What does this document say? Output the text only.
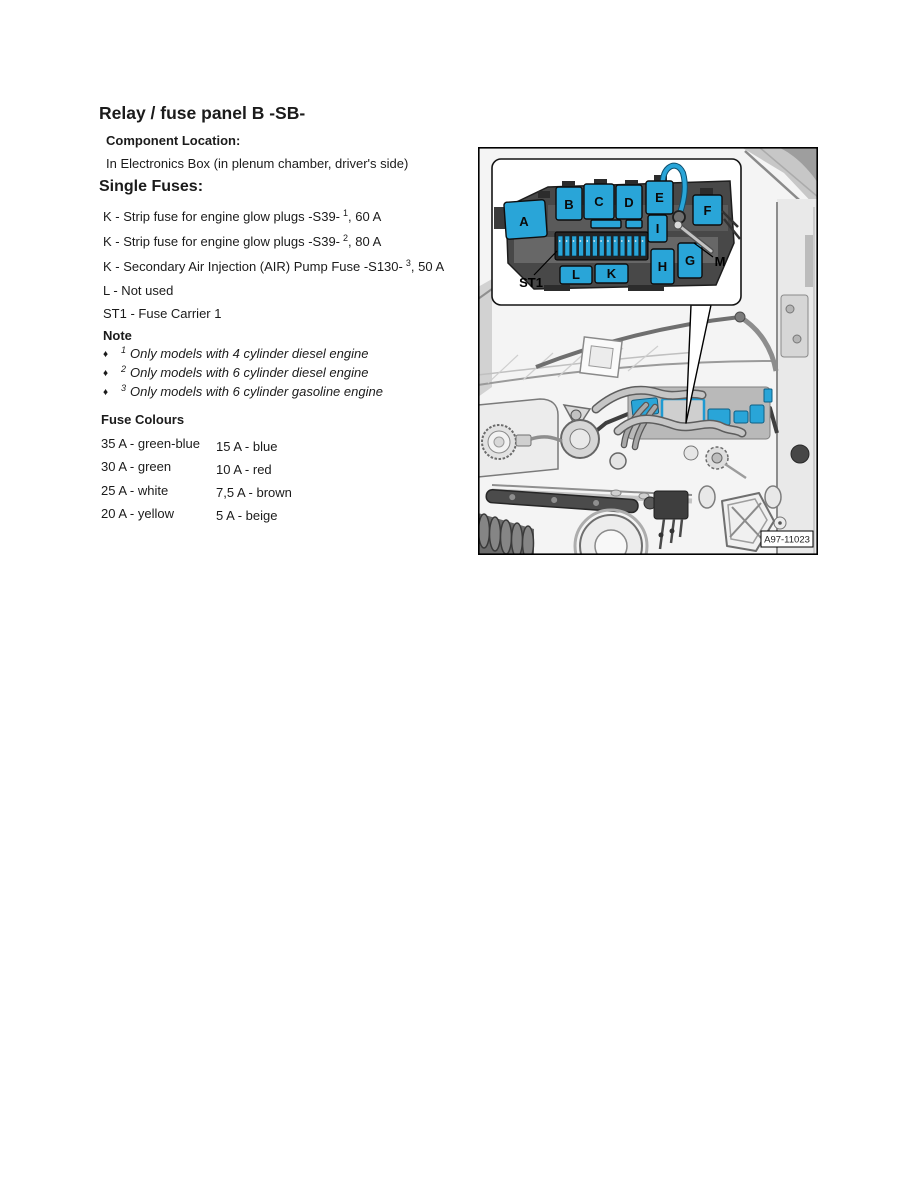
Relay / fuse panel B -SB-
Component Location:
In Electronics Box (in plenum chamber, driver's side)
Single Fuses:
K - Strip fuse for engine glow plugs -S39- $^1$, 60 A
K - Strip fuse for engine glow plugs -S39- $^2$, 80 A
K - Secondary Air Injection (AIR) Pump Fuse -S130- $^3$, 50 A
L - Not used
ST1 - Fuse Carrier 1
Note
♦ $^1$ Only models with 4 cylinder diesel engine
♦ $^2$ Only models with 6 cylinder diesel engine
♦ $^3$ Only models with 6 cylinder gasoline engine
Fuse Colours
35 A - green-blue
30 A - green
25 A - white
20 A - yellow
15 A - blue
10 A - red
7,5 A - brown
5 A - beige
A
B C D E
F
I
G
H
L K
M
ST1
A97-11023
